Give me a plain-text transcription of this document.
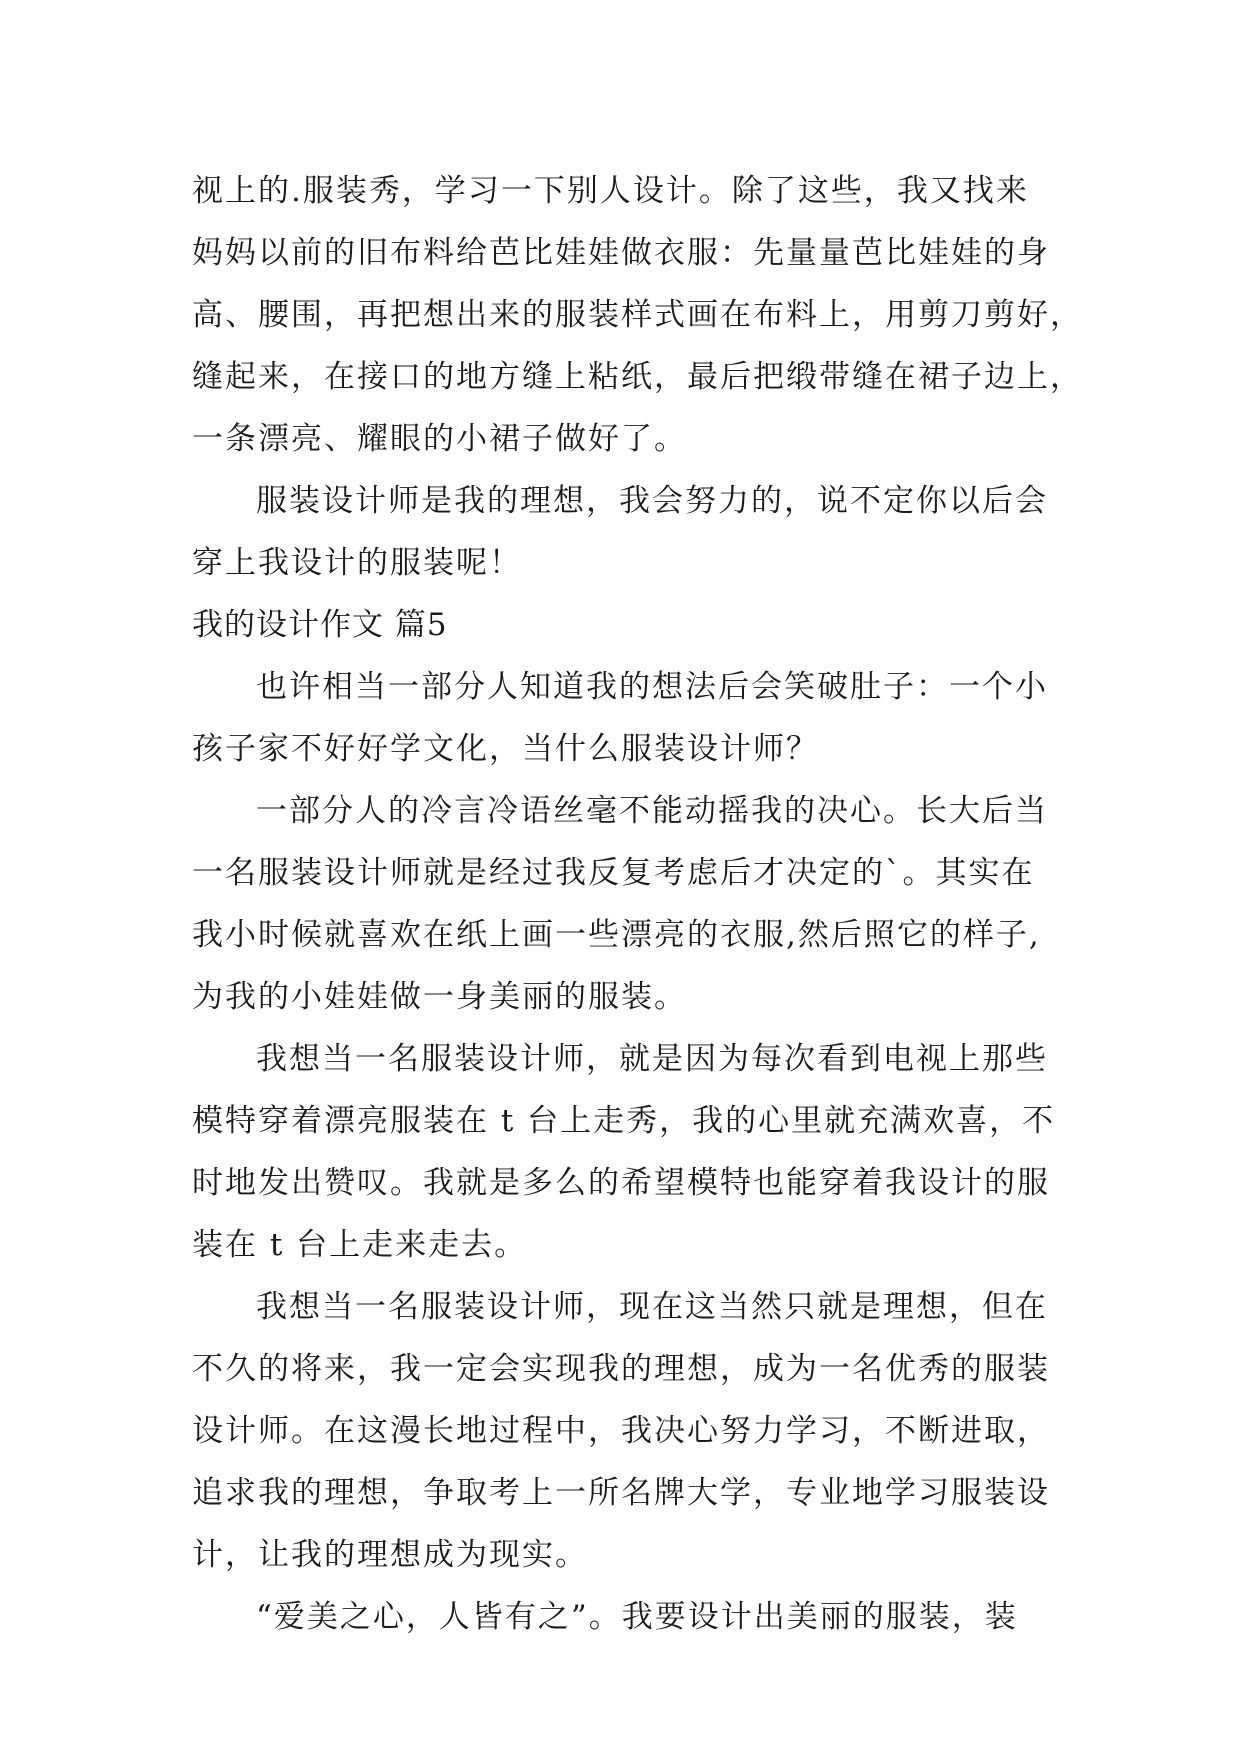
视上的.服装秀，学习一下别人设计。除了这些，我又找来
妈妈以前的旧布料给芭比娃娃做衣服：先量量芭比娃娃的身
高、腰围，再把想出来的服装样式画在布料上，用剪刀剪好，
缝起来，在接口的地方缝上粘纸，最后把缎带缝在裙子边上，
一条漂亮、耀眼的小裙子做好了。
服装设计师是我的理想，我会努力的，说不定你以后会
穿上我设计的服装呢！
我的设计作文 篇5
也许相当一部分人知道我的想法后会笑破肚子：一个小
孩子家不好好学文化，当什么服装设计师？
一部分人的冷言冷语丝毫不能动摇我的决心。长大后当
一名服装设计师就是经过我反复考虑后才决定的`。其实在
我小时候就喜欢在纸上画一些漂亮的衣服,然后照它的样子,
为我的小娃娃做一身美丽的服装。
我想当一名服装设计师，就是因为每次看到电视上那些
模特穿着漂亮服装在 t 台上走秀，我的心里就充满欢喜，不
时地发出赞叹。我就是多么的希望模特也能穿着我设计的服
装在 t 台上走来走去。
我想当一名服装设计师，现在这当然只就是理想，但在
不久的将来，我一定会实现我的理想，成为一名优秀的服装
设计师。在这漫长地过程中，我决心努力学习，不断进取，
追求我的理想，争取考上一所名牌大学，专业地学习服装设
计，让我的理想成为现实。
“爱美之心，人皆有之”。我要设计出美丽的服装，装
